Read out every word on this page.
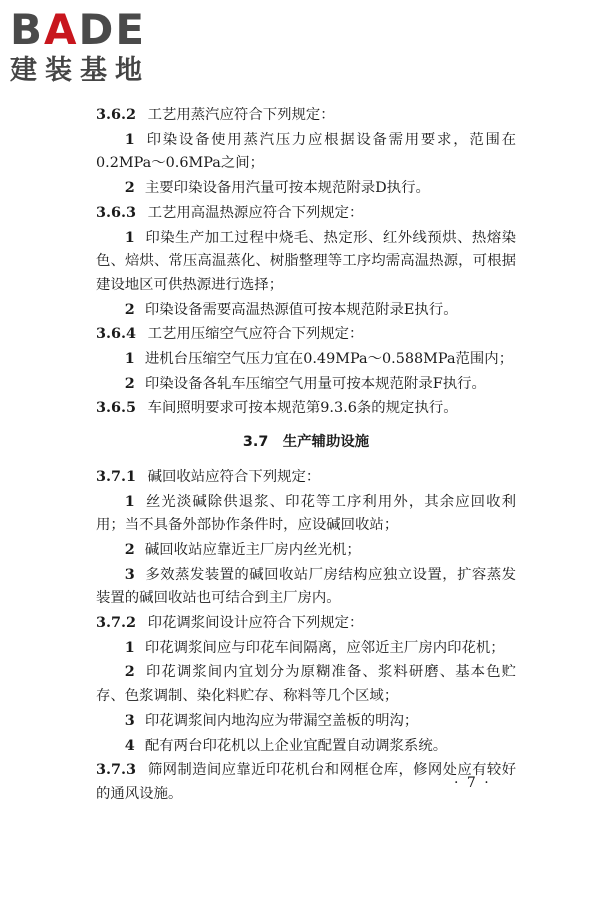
BADE
建装基地

3.6.2 工艺用蒸汽应符合下列规定：

1 印染设备使用蒸汽压力应根据设备需用要求，范围在0.2MPa～0.6MPa之间；

2 主要印染设备用汽量可按本规范附录D执行。

3.6.3 工艺用高温热源应符合下列规定：

1 印染生产加工过程中烧毛、热定形、红外线预烘、热熔染色、焙烘、常压高温蒸化、树脂整理等工序均需高温热源，可根据建设地区可供热源进行选择；

2 印染设备需要高温热源值可按本规范附录E执行。

3.6.4 工艺用压缩空气应符合下列规定：

1 进机台压缩空气压力宜在0.49MPa～0.588MPa范围内；

2 印染设备各轧车压缩空气用量可按本规范附录F执行。

3.6.5 车间照明要求可按本规范第9.3.6条的规定执行。

3.7 生产辅助设施

3.7.1 碱回收站应符合下列规定：

1 丝光淡碱除供退浆、印花等工序利用外，其余应回收利用；当不具备外部协作条件时，应设碱回收站；

2 碱回收站应靠近主厂房内丝光机；

3 多效蒸发装置的碱回收站厂房结构应独立设置，扩容蒸发装置的碱回收站也可结合到主厂房内。

3.7.2 印花调浆间设计应符合下列规定：

1 印花调浆间应与印花车间隔离，应邻近主厂房内印花机；

2 印花调浆间内宜划分为原糊准备、浆料研磨、基本色贮存、色浆调制、染化料贮存、称料等几个区域；

3 印花调浆间内地沟应为带漏空盖板的明沟；

4 配有两台印花机以上企业宜配置自动调浆系统。

3.7.3 筛网制造间应靠近印花机台和网框仓库，修网处应有较好的通风设施。

· 7 ·
